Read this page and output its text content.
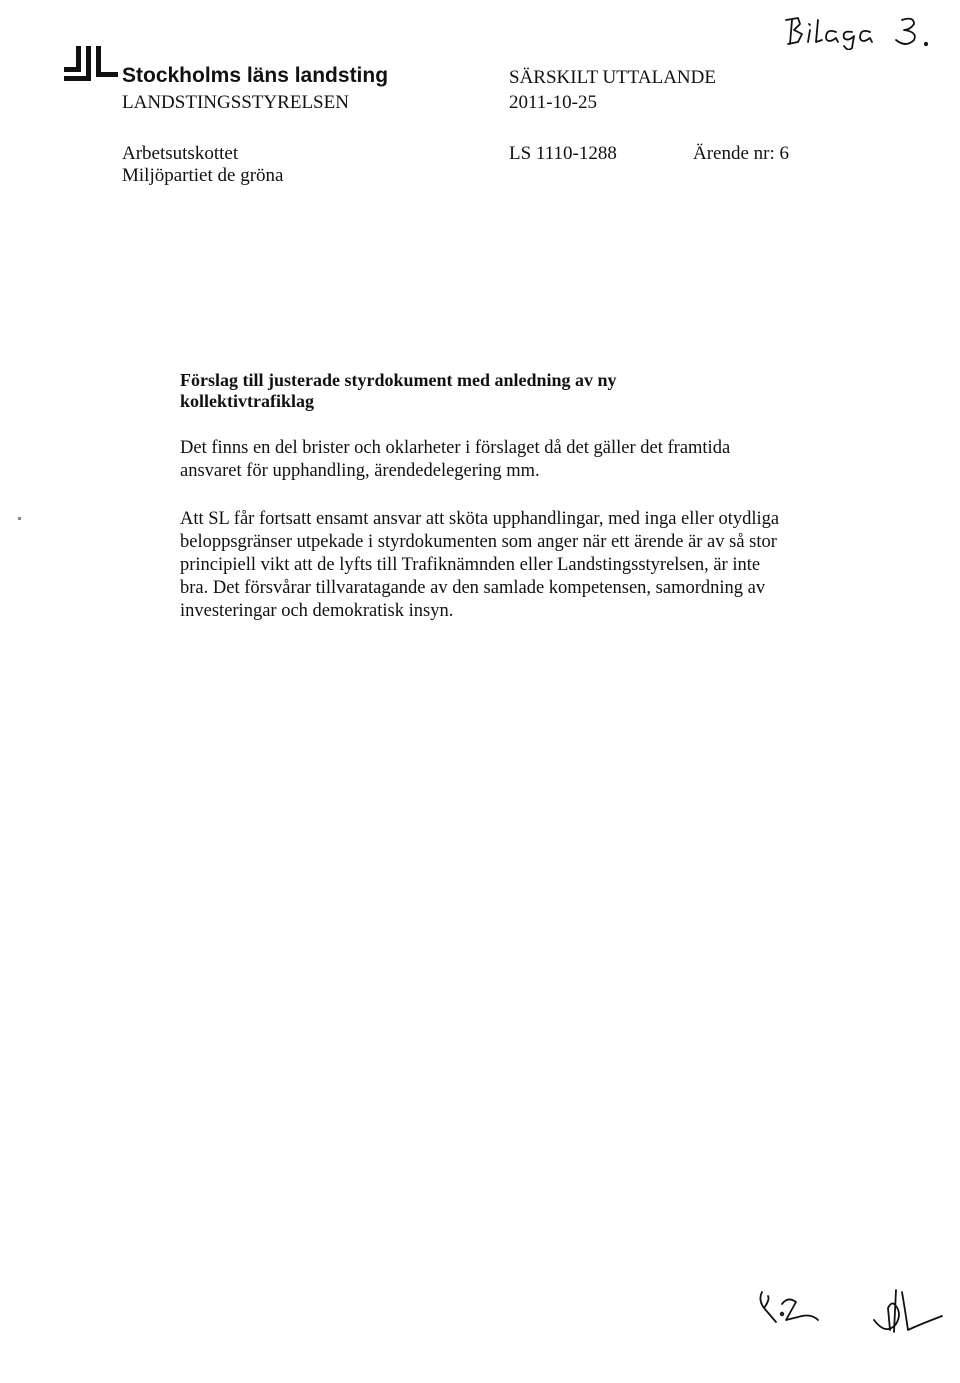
Stockholms läns landsting
LANDSTINGSSTYRELSEN
SÄRSKILT UTTALANDE
2011-10-25
Arbetsutskottet
Miljöpartiet de gröna
LS 1110-1288	Ärende nr: 6
Förslag till justerade styrdokument med anledning av ny kollektivtrafiklag
Det finns en del brister och oklarheter i förslaget då det gäller det framtida ansvaret för upphandling, ärendedelegering mm.
Att SL får fortsatt ensamt ansvar att sköta upphandlingar, med inga eller otydliga beloppsgränser utpekade i styrdokumenten som anger när ett ärende är av så stor principiell vikt att de lyfts till Trafiknämnden eller Landstingsstyrelsen, är inte bra. Det försvårar tillvaratagande av den samlade kompetensen, samordning av investeringar och demokratisk insyn.
